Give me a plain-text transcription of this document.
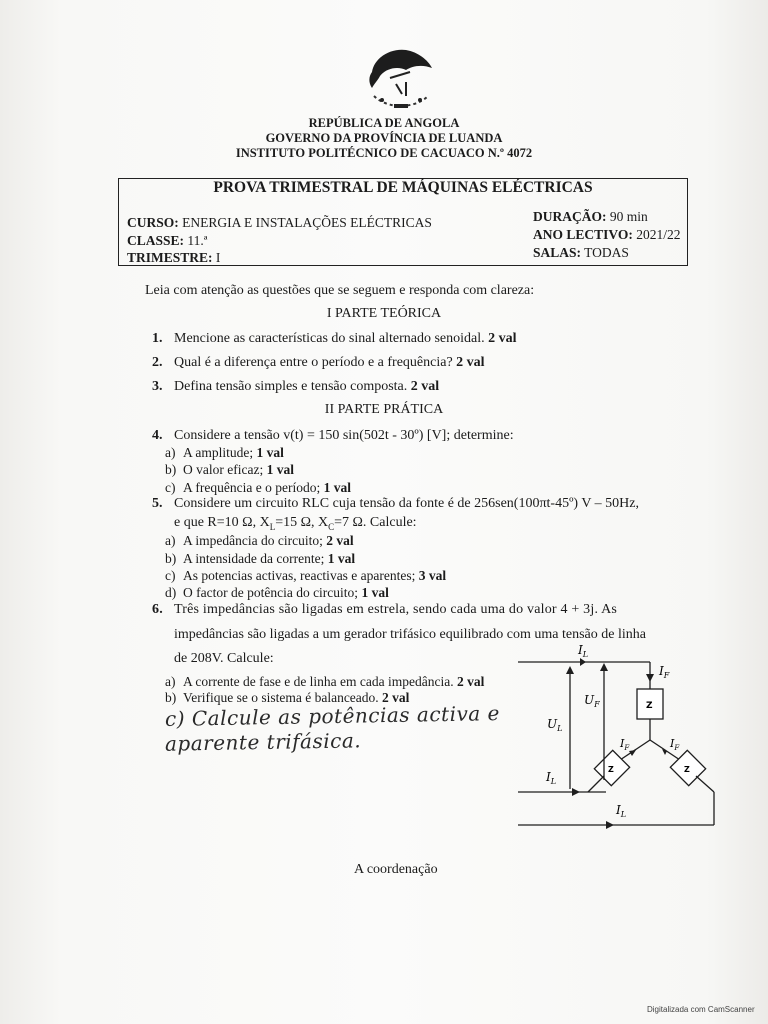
REPÚBLICA DE ANGOLA
GOVERNO DA PROVÍNCIA DE LUANDA
INSTITUTO POLITÉCNICO DE CACUACO N.º 4072
PROVA TRIMESTRAL DE MÁQUINAS ELÉCTRICAS
CURSO: ENERGIA E INSTALAÇÕES ELÉCTRICAS
CLASSE: 11.ª
TRIMESTRE: I
DURAÇÃO: 90 min
ANO LECTIVO: 2021/22
SALAS: TODAS
Leia com atenção as questões que se seguem e responda com clareza:
I PARTE TEÓRICA
1. Mencione as características do sinal alternado senoidal. 2 val
2. Qual é a diferença entre o período e a frequência? 2 val
3. Defina tensão simples e tensão composta. 2 val
II PARTE PRÁTICA
4. Considere a tensão v(t) = 150 sin(502t - 30º) [V]; determine:
a) A amplitude; 1 val
b) O valor eficaz; 1 val
c) A frequência e o período; 1 val
5. Considere um circuito RLC cuja tensão da fonte é de 256sen(100πt-45º) V – 50Hz,
e que R=10 Ω, $X_L=15$ Ω, $X_C=7$ Ω. Calcule:
a) A impedância do circuito; 2 val
b) A intensidade da corrente; 1 val
c) As potencias activas, reactivas e aparentes; 3 val
d) O factor de potência do circuito; 1 val
6. Três impedâncias são ligadas em estrela, sendo cada uma do valor 4 + 3j. As
impedâncias são ligadas a um gerador trifásico equilibrado com uma tensão de linha
de 208V. Calcule:
a) A corrente de fase e de linha em cada impedância. 2 val
b) Verifique se o sistema é balanceado. 2 val
c) Calcule as potências activa e
aparente trifásica.
$I_L$
$I_F$
$U_F$
$U_L$
$I_L$
$I_L$
$I_F$	$I_F$
Z
Z	Z
A coordenação
Digitalizada com CamScanner
